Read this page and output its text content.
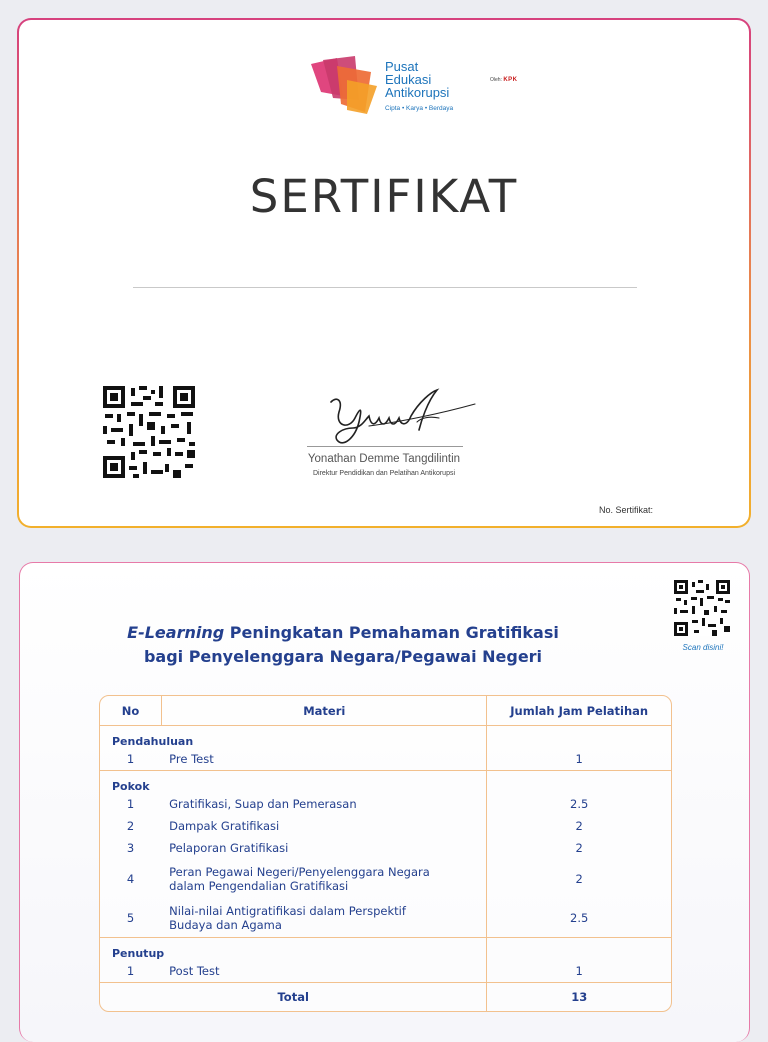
Pusat
Edukasi
Antikorupsi
Cipta • Karya • Berdaya
Oleh: KPK
SERTIFIKAT
Yonathan Demme Tangdilintin
Direktur Pendidikan dan Pelatihan Antikorupsi
No. Sertifikat:
Scan disini!
E-Learning Peningkatan Pemahaman Gratifikasi
bagi Penyelenggara Negara/Pegawai Negeri
No	Materi	Jumlah Jam Pelatihan
Pendahuluan		
1	Pre Test	1
Pokok		
1	Gratifikasi, Suap dan Pemerasan	2.5
2	Dampak Gratifikasi	2
3	Pelaporan Gratifikasi	2
4	Peran Pegawai Negeri/Penyelenggara Negara
dalam Pengendalian Gratifikasi	2
5	Nilai-nilai Antigratifikasi dalam Perspektif
Budaya dan Agama	2.5
Penutup		
1	Post Test	1
Total		13
